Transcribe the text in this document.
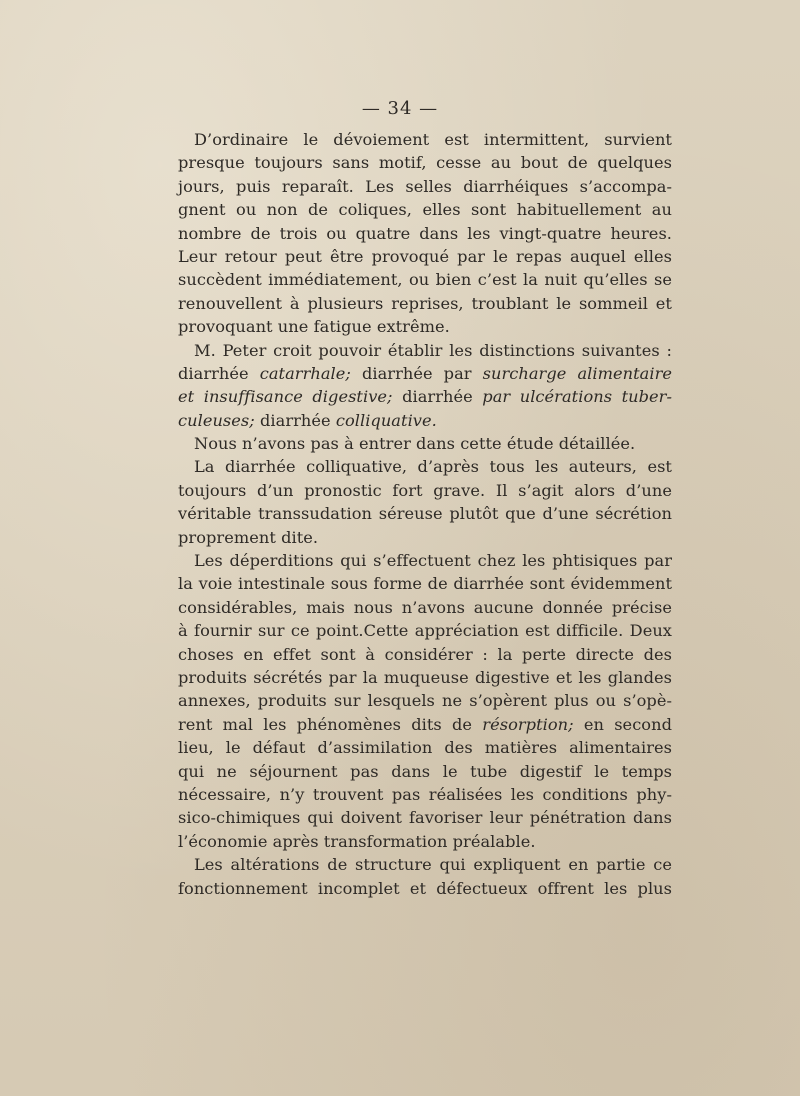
— 34 —
D’ordinaire le dévoiement est intermittent, survient
presque toujours sans motif, cesse au bout de quelques
jours, puis reparaît. Les selles diarrhéiques s’accompa-
gnent ou non de coliques, elles sont habituellement au
nombre de trois ou quatre dans les vingt-quatre heures.
Leur retour peut être provoqué par le repas auquel elles
succèdent immédiatement, ou bien c’est la nuit qu’elles se
renouvellent à plusieurs reprises, troublant le sommeil et
provoquant une fatigue extrême.
M. Peter croit pouvoir établir les distinctions suivantes :
diarrhée catarrhale; diarrhée par surcharge alimentaire
et insuffisance digestive; diarrhée par ulcérations tuber-
culeuses; diarrhée colliquative.
Nous n’avons pas à entrer dans cette étude détaillée.
La diarrhée colliquative, d’après tous les auteurs, est
toujours d’un pronostic fort grave. Il s’agit alors d’une
véritable transsudation séreuse plutôt que d’une sécrétion
proprement dite.
Les déperditions qui s’effectuent chez les phtisiques par
la voie intestinale sous forme de diarrhée sont évidemment
considérables, mais nous n’avons aucune donnée précise
à fournir sur ce point.Cette appréciation est difficile. Deux
choses en effet sont à considérer : la perte directe des
produits sécrétés par la muqueuse digestive et les glandes
annexes, produits sur lesquels ne s’opèrent plus ou s’opè-
rent mal les phénomènes dits de résorption; en second
lieu, le défaut d’assimilation des matières alimentaires
qui ne séjournent pas dans le tube digestif le temps
nécessaire, n’y trouvent pas réalisées les conditions phy-
sico-chimiques qui doivent favoriser leur pénétration dans
l’économie après transformation préalable.
Les altérations de structure qui expliquent en partie ce
fonctionnement incomplet et défectueux offrent les plus
